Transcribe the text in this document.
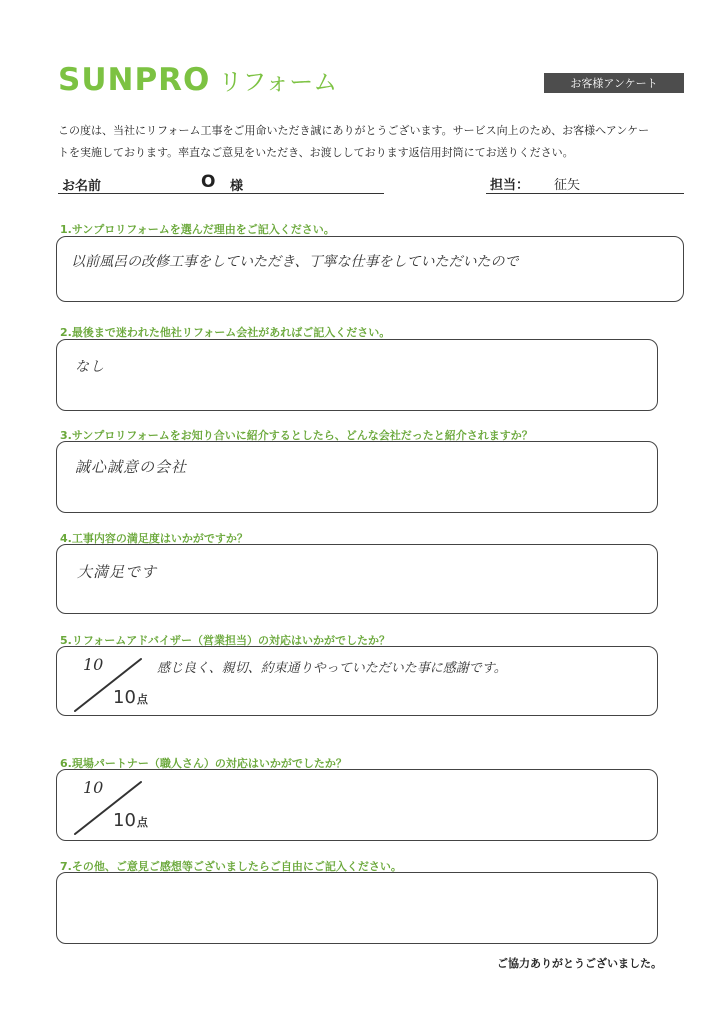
SUNPRO リフォーム	お客様アンケート
この度は、当社にリフォーム工事をご用命いただき誠にありがとうございます。サービス向上のため、お客様へアンケー
トを実施しております。率直なご意見をいただき、お渡ししております返信用封筒にてお送りください。
お名前	O 様	担当： 征矢
1.サンプロリフォームを選んだ理由をご記入ください。
以前風呂の改修工事をしていただき、丁寧な仕事をしていただいたので
2.最後まで迷われた他社リフォーム会社があればご記入ください。
なし
3.サンプロリフォームをお知り合いに紹介するとしたら、どんな会社だったと紹介されますか？
誠心誠意の会社
4.工事内容の満足度はいかがですか？
大満足です
5.リフォームアドバイザー（営業担当）の対応はいかがでしたか？
10
10点
感じ良く、親切、約束通りやっていただいた事に感謝です。
6.現場パートナー（職人さん）の対応はいかがでしたか？
10
10点
7.その他、ご意見ご感想等ございましたらご自由にご記入ください。
ご協力ありがとうございました。
